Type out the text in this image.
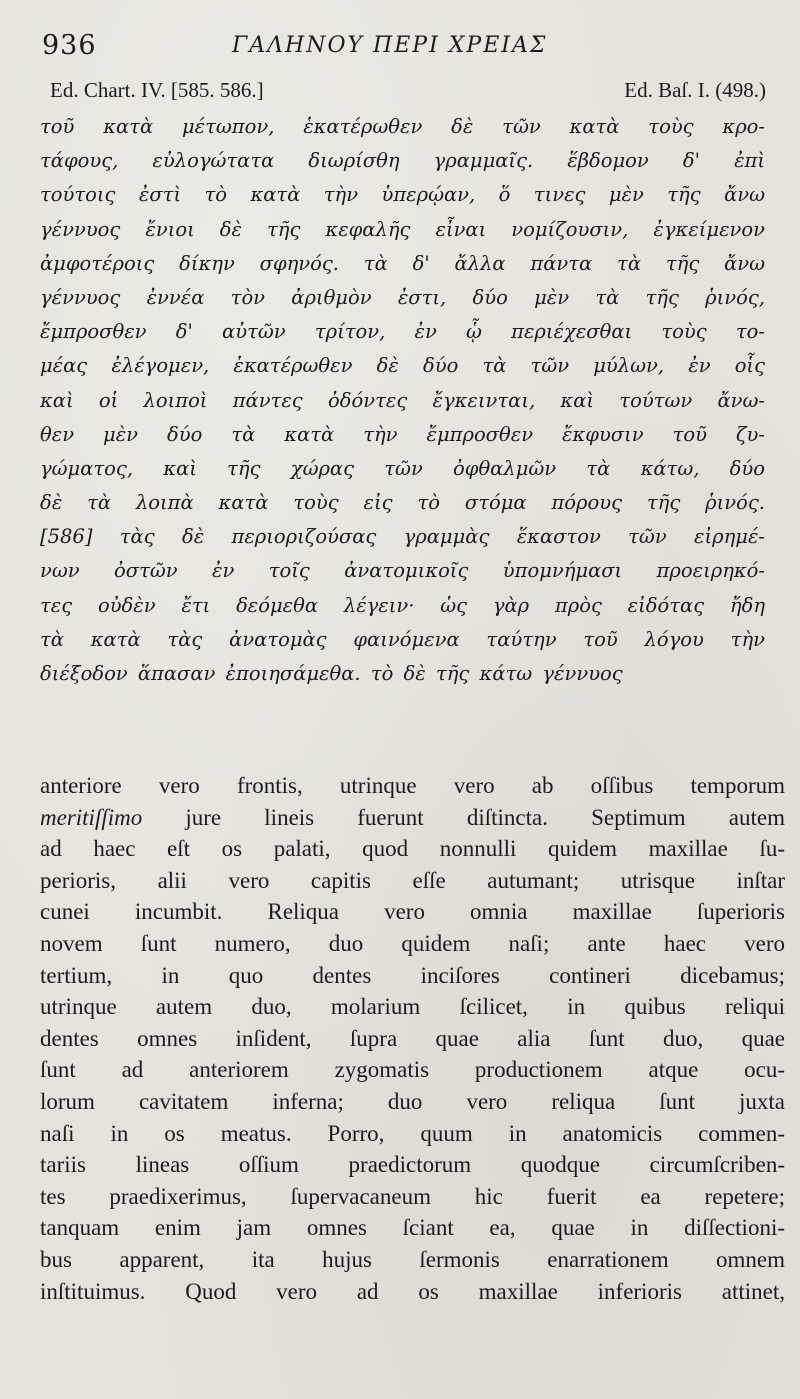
936	ΓΑΛΗΝΟΥ ΠΕΡΙ ΧΡΕΙΑΣ
Ed. Chart. IV. [585. 586.]	Ed. Baſ. I. (498.)
τοῦ κατὰ μέτωπον, ἑκατέρωθεν δὲ τῶν κατὰ τοὺς κρο-
τάφους, εὐλογώτατα διωρίσθη γραμμαῖς. ἕβδομον δ' ἐπὶ
τούτοις ἐστὶ τὸ κατὰ τὴν ὑπερῴαν, ὅ τινες μὲν τῆς ἄνω
γέννυος ἔνιοι δὲ τῆς κεφαλῆς εἶναι νομίζουσιν, ἐγκείμενον
ἀμφοτέροις δίκην σφηνός. τὰ δ' ἄλλα πάντα τὰ τῆς ἄνω
γέννυος ἐννέα τὸν ἀριθμὸν ἐστι, δύο μὲν τὰ τῆς ῥινός,
ἔμπροσθεν δ' αὐτῶν τρίτον, ἐν ᾧ περιέχεσθαι τοὺς το-
μέας ἐλέγομεν, ἑκατέρωθεν δὲ δύο τὰ τῶν μύλων, ἐν οἷς
καὶ οἱ λοιποὶ πάντες ὀδόντες ἔγκεινται, καὶ τούτων ἄνω-
θεν μὲν δύο τὰ κατὰ τὴν ἔμπροσθεν ἔκφυσιν τοῦ ζυ-
γώματος, καὶ τῆς χώρας τῶν ὀφθαλμῶν τὰ κάτω, δύο
δὲ τὰ λοιπὰ κατὰ τοὺς εἰς τὸ στόμα πόρους τῆς ῥινός.
[586] τὰς δὲ περιοριζούσας γραμμὰς ἕκαστον τῶν εἰρημέ-
νων ὀστῶν ἐν τοῖς ἀνατομικοῖς ὑπομνήμασι προειρηκό-
τες οὐδὲν ἔτι δεόμεθα λέγειν· ὡς γὰρ πρὸς εἰδότας ἤδη
τὰ κατὰ τὰς ἀνατομὰς φαινόμενα ταύτην τοῦ λόγου τὴν
διέξοδον ἅπασαν ἐποιησάμεθα. τὸ δὲ τῆς κάτω γέννυος
anteriore vero frontis, utrinque vero ab oſſibus temporum
meritiſſimo jure lineis fuerunt diſtincta. Septimum autem
ad haec eſt os palati, quod nonnulli quidem maxillae ſu-
perioris, alii vero capitis eſſe autumant; utrisque inſtar
cunei incumbit. Reliqua vero omnia maxillae ſuperioris
novem ſunt numero, duo quidem naſi; ante haec vero
tertium, in quo dentes inciſores contineri dicebamus;
utrinque autem duo, molarium ſcilicet, in quibus reliqui
dentes omnes inſident, ſupra quae alia ſunt duo, quae
ſunt ad anteriorem zygomatis productionem atque ocu-
lorum cavitatem inferna; duo vero reliqua ſunt juxta
naſi in os meatus. Porro, quum in anatomicis commen-
tariis lineas oſſium praedictorum quodque circumſcriben-
tes praedixerimus, ſupervacaneum hic fuerit ea repetere;
tanquam enim jam omnes ſciant ea, quae in diſſectioni-
bus apparent, ita hujus ſermonis enarrationem omnem
inſtituimus. Quod vero ad os maxillae inferioris attinet,
